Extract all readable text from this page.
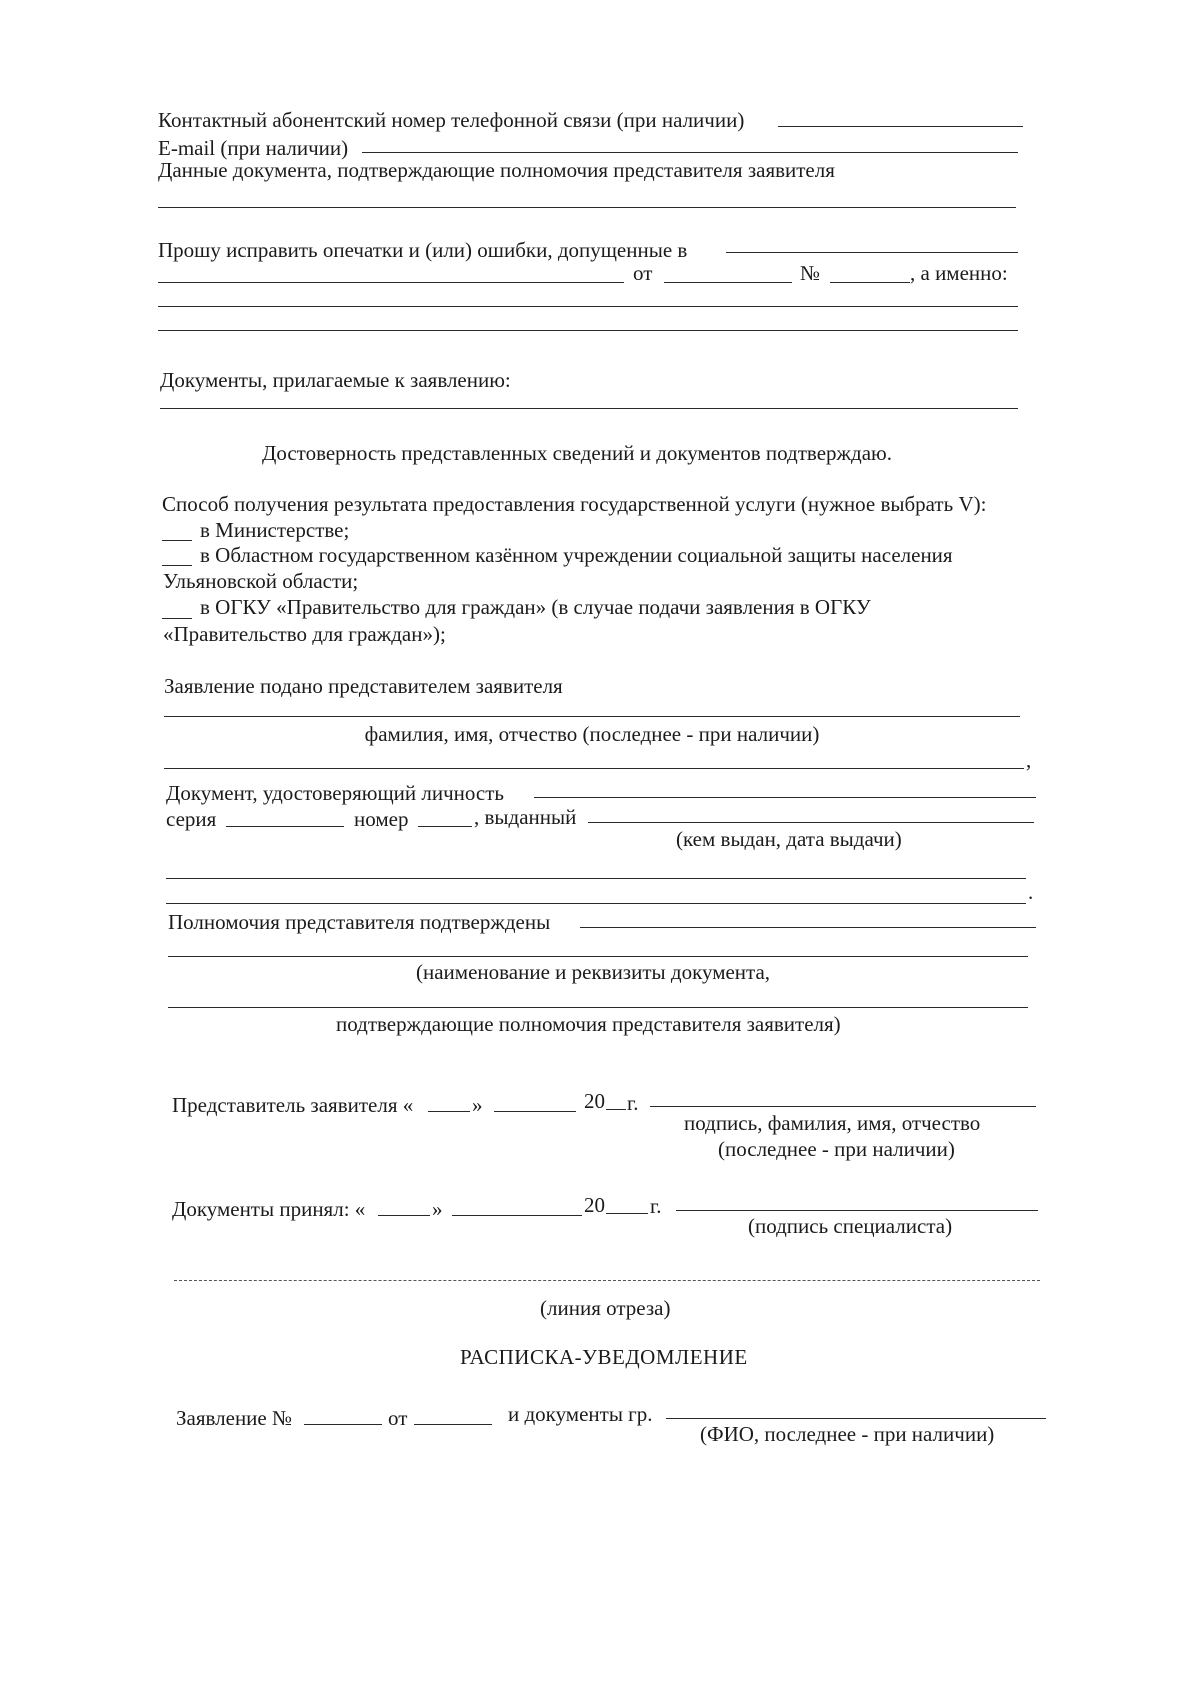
Контактный абонентский номер телефонной связи (при наличии)
E-mail (при наличии)
Данные документа, подтверждающие полномочия представителя заявителя
Прошу исправить опечатки и (или) ошибки, допущенные в
от	№	, а именно:
Документы, прилагаемые к заявлению:
Достоверность представленных сведений и документов подтверждаю.
Способ получения результата предоставления государственной услуги (нужное выбрать V):
в Министерстве;
в Областном государственном казённом учреждении социальной защиты населения
Ульяновской области;
в ОГКУ «Правительство для граждан» (в случае подачи заявления в ОГКУ
«Правительство для граждан»);
Заявление подано представителем заявителя
фамилия, имя, отчество (последнее - при наличии)
,
Документ, удостоверяющий личность
серия	номер	, выданный
(кем выдан, дата выдачи)
.
Полномочия представителя подтверждены
(наименование и реквизиты документа,
подтверждающие полномочия представителя заявителя)
Представитель заявителя «	»	20 г.
подпись, фамилия, имя, отчество
(последнее - при наличии)
Документы принял: «	»	20 г.
(подпись специалиста)
(линия отреза)
РАСПИСКА-УВЕДОМЛЕНИЕ
Заявление №	от	и документы гр.
(ФИО, последнее - при наличии)
